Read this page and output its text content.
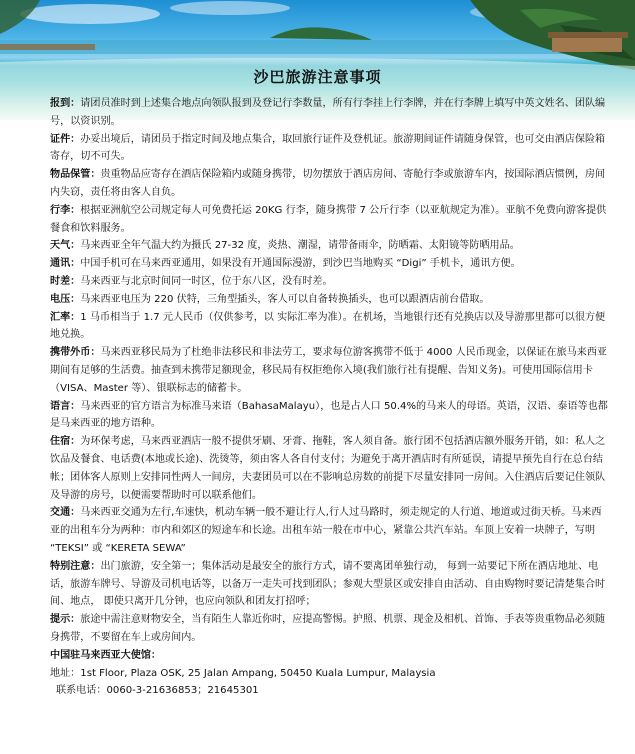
沙巴旅游注意事项

报到：请团员准时到上述集合地点向领队报到及登记行李数量，所有行李挂上行李牌，并在行李牌上填写中英文姓名、团队编号，以资识别。

证件：办妥出境后，请团员于指定时间及地点集合，取回旅行证件及登机证。旅游期间证件请随身保管，也可交由酒店保险箱寄存，切不可失。

物品保管：贵重物品应寄存在酒店保险箱内或随身携带，切勿摆放于酒店房间、寄舱行李或旅游车内，按国际酒店惯例，房间内失窃，责任将由客人自负。

行李：根据亚洲航空公司规定每人可免费托运 20KG 行李，随身携带 7 公斤行李（以亚航规定为准）。亚航不免费向游客提供餐食和饮料服务。

天气：马来西亚全年气温大约为摄氏 27-32 度，炎热、潮湿，请带备雨伞，防晒霜、太阳镜等防晒用品。

通讯：中国手机可在马来西亚通用，如果没有开通国际漫游，到沙巴当地购买 “Digi” 手机卡，通讯方便。

时差：马来西亚与北京时间同一时区，位于东八区，没有时差。

电压：马来西亚电压为 220 伏特，三角型插头，客人可以自备转换插头，也可以跟酒店前台借取。

汇率：1 马币相当于 1.7 元人民币（仅供参考，以 实际汇率为准）。在机场，当地银行还有兑换店以及导游那里都可以很方便地兑换。

携带外币：马来西亚移民局为了杜绝非法移民和非法劳工，要求每位游客携带不低于 4000 人民币现金，以保证在旅马来西亚期间有足够的生活费。抽查到未携带足额现金，移民局有权拒绝你入境(我们旅行社有提醒、告知义务)。可使用国际信用卡（VISA、Master 等）、银联标志的储蓄卡。

语言：马来西亚的官方语言为标准马来语（BahasaMalayu），也是占人口 50.4%的马来人的母语。英语，汉语、泰语等也都是马来西亚的地方语种。

住宿：为环保考虑，马来西亚酒店一般不提供牙刷、牙膏、拖鞋，客人须自备。旅行团不包括酒店额外服务开销，如：私人之饮品及餐食、电话费(本地或长途)、洗烫等，须由客人各自付支付；为避免于离开酒店时有所延误，请提早预先自行在总台结帐；团体客人原则上安排同性两人一间房，夫妻团员可以在不影响总房数的前提下尽量安排同一房间。入住酒店后要记住领队及导游的房号，以便需要帮助时可以联系他们。

交通：马来西亚交通为左行,车速快，机动车辆一般不避让行人,行人过马路时，须走规定的人行道、地道或过街天桥。马来西亚的出租车分为两种：市内和郊区的短途车和长途。出租车站一般在市中心，紧靠公共汽车站。车顶上安着一块牌子，写明 “TEKSI” 或 “KERETA SEWA”

特别注意：出门旅游，安全第一；集体活动是最安全的旅行方式，请不要离团单独行动， 每到一站要记下所在酒店地址、电话，旅游车牌号、导游及司机电话等，以备万一走失可找到团队；参观大型景区或安排自由活动、自由购物时要记清楚集合时间、地点， 即使只离开几分钟，也应向领队和团友打招呼；

提示：旅途中需注意财物安全，当有陌生人靠近你时，应提高警惕。护照、机票、现金及相机、首饰、手表等贵重物品必须随身携带，不要留在车上或房间内。

中国驻马来西亚大使馆：
地址：1st Floor, Plaza OSK, 25 Jalan Ampang, 50450 Kuala Lumpur, Malaysia
联系电话：0060-3-21636853；21645301
